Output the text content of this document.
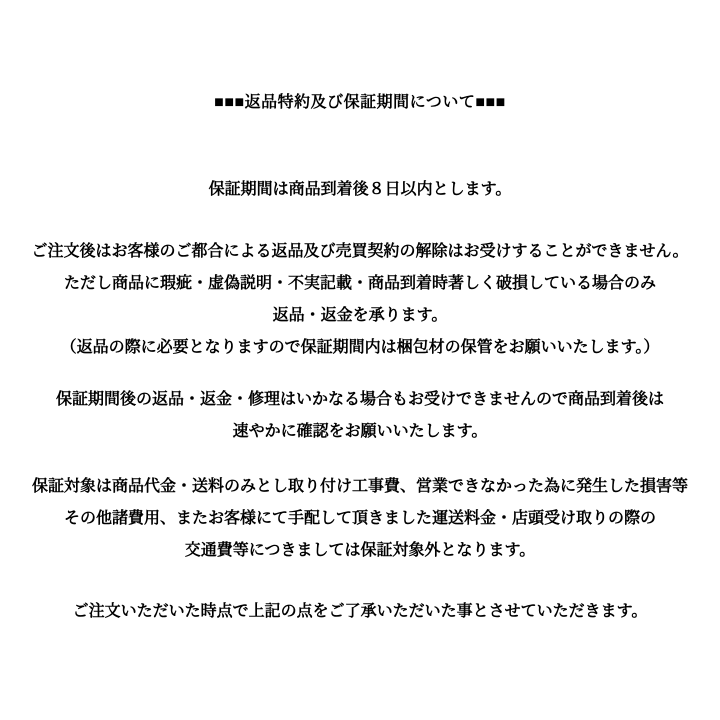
■■■返品特約及び保証期間について■■■

保証期間は商品到着後８日以内とします。

ご注文後はお客様のご都合による返品及び売買契約の解除はお受けすることができません。
ただし商品に瑕疵・虚偽説明・不実記載・商品到着時著しく破損している場合のみ
返品・返金を承ります。
（返品の際に必要となりますので保証期間内は梱包材の保管をお願いいたします。）

保証期間後の返品・返金・修理はいかなる場合もお受けできませんので商品到着後は
速やかに確認をお願いいたします。

保証対象は商品代金・送料のみとし取り付け工事費、営業できなかった為に発生した損害等
その他諸費用、またお客様にて手配して頂きました運送料金・店頭受け取りの際の
交通費等につきましては保証対象外となります。

ご注文いただいた時点で上記の点をご了承いただいた事とさせていただきます。
